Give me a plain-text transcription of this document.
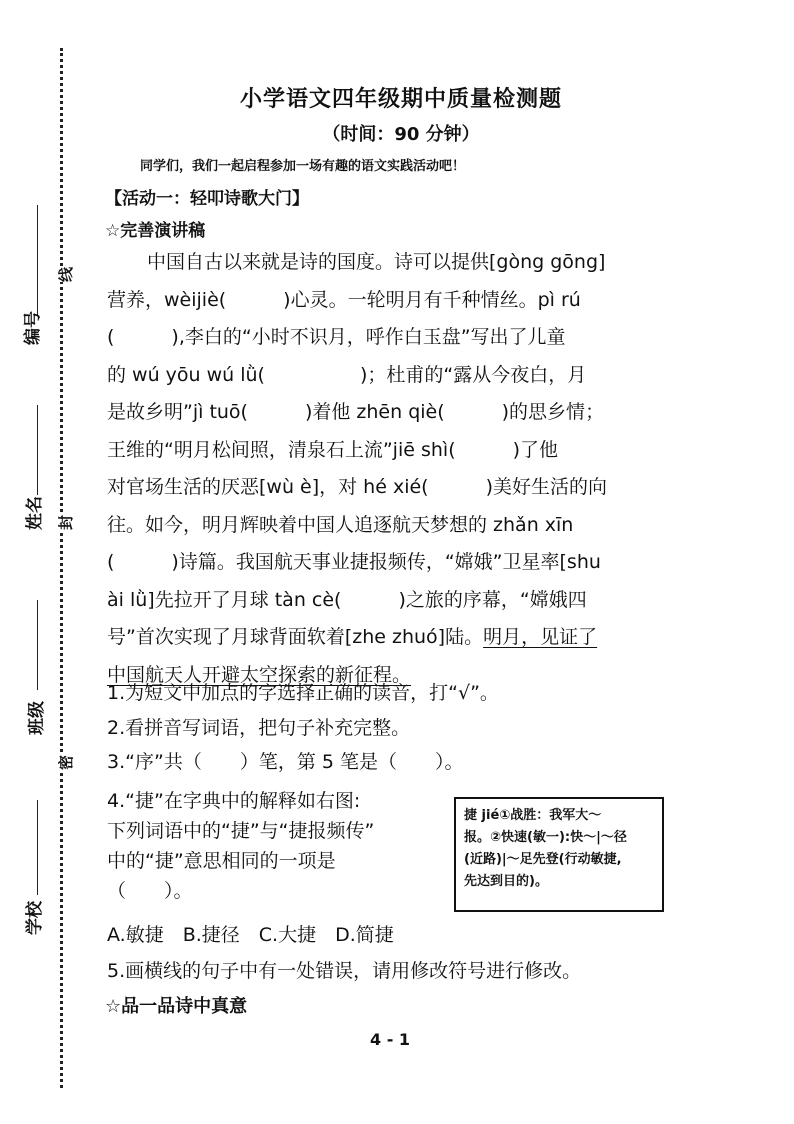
编号
线
姓名 封
班级
密
学校
小学语文四年级期中质量检测题
（时间：90 分钟）
同学们，我们一起启程参加一场有趣的语文实践活动吧！
【活动一：轻叩诗歌大门】
☆完善演讲稿
中国自古以来就是诗的国度。诗可以提供[gòng gōng]
营养，wèijiè(　　　)心灵。一轮明月有千种情丝。pì rú
(　　　),李白的“小时不识月，呼作白玉盘”写出了儿童
的 wú yōu wú lǜ(　　　　　)；杜甫的“露从今夜白，月
是故乡明”jì tuō(　　　)着他 zhēn qiè(　　　)的思乡情；
王维的“明月松间照，清泉石上流”jiē shì(　　　)了他
对官场生活的厌恶[wù è]，对 hé xié(　　　)美好生活的向
往。如今，明月辉映着中国人追逐航天梦想的 zhǎn xīn
(　　　)诗篇。我国航天事业捷报频传，“嫦娥”卫星率[shu
ài lǜ]先拉开了月球 tàn cè(　　　)之旅的序幕，“嫦娥四
号”首次实现了月球背面软着[zhe zhuó]陆。明月，见证了
中国航天人开避太空探索的新征程。
1.为短文中加点的字选择正确的读音，打“√”。
2.看拼音写词语，把句子补充完整。
3.“序”共（　　）笔，第 5 笔是（　　）。
4.“捷”在字典中的解释如右图:
下列词语中的“捷”与“捷报频传”
中的“捷”意思相同的一项是
（　　）。
捷 jié①战胜：我军大～
报。②快速(敏一):快～|～径
(近路)|～足先登(行动敏捷,
先达到目的)。
A.敏捷　B.捷径　C.大捷　D.简捷
5.画横线的句子中有一处错误，请用修改符号进行修改。
☆品一品诗中真意
4 - 1
